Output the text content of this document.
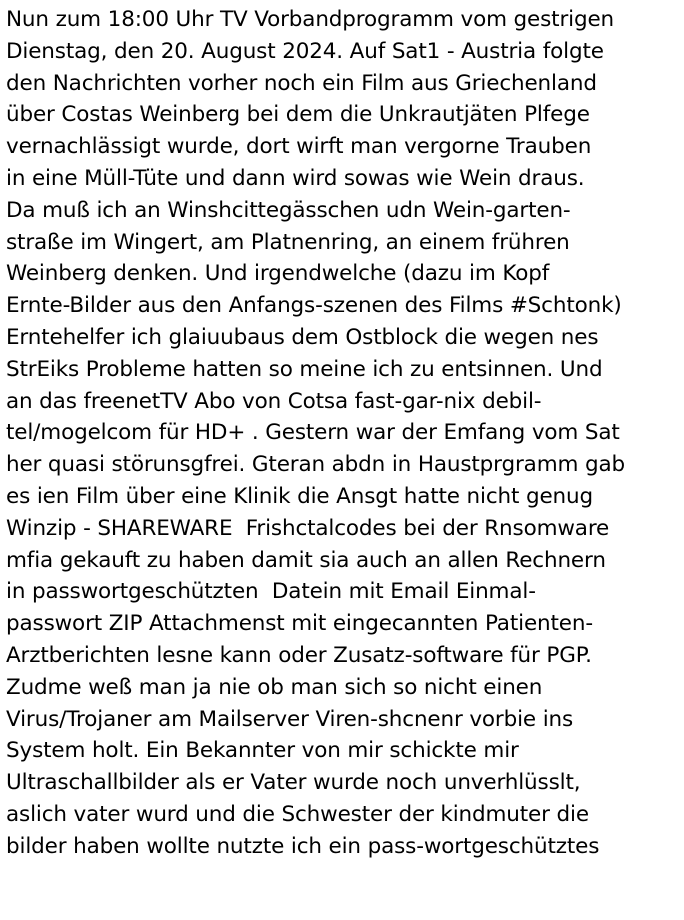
Nun zum 18:00 Uhr TV Vorbandprogramm vom gestrigen
Dienstag, den 20. August 2024. Auf Sat1 - Austria folgte
den Nachrichten vorher noch ein Film aus Griechenland
über Costas Weinberg bei dem die Unkrautjäten Plfege
vernachlässigt wurde, dort wirft man vergorne Trauben
in eine Müll-Tüte und dann wird sowas wie Wein draus.
Da muß ich an Winshcittegässchen udn Wein-garten-
straße im Wingert, am Platnenring, an einem frühren
Weinberg denken. Und irgendwelche (dazu im Kopf
Ernte-Bilder aus den Anfangs-szenen des Films #Schtonk)
Erntehelfer ich glaiuubaus dem Ostblock die wegen nes
StrEiks Probleme hatten so meine ich zu entsinnen. Und
an das freenetTV Abo von Cotsa fast-gar-nix debil-
tel/mogelcom für HD+ . Gestern war der Emfang vom Sat
her quasi störunsgfrei. Gteran abdn in Haustprgramm gab
es ien Film über eine Klinik die Ansgt hatte nicht genug
Winzip - SHAREWARE  Frishctalcodes bei der Rnsomware
mfia gekauft zu haben damit sia auch an allen Rechnern
in passwortgeschützten  Datein mit Email Einmal-
passwort ZIP Attachmenst mit eingecannten Patienten-
Arztberichten lesne kann oder Zusatz-software für PGP.
Zudme weß man ja nie ob man sich so nicht einen
Virus/Trojaner am Mailserver Viren-shcnenr vorbie ins
System holt. Ein Bekannter von mir schickte mir
Ultraschallbilder als er Vater wurde noch unverhlüsslt,
aslich vater wurd und die Schwester der kindmuter die
bilder haben wollte nutzte ich ein pass-wortgeschütztes
